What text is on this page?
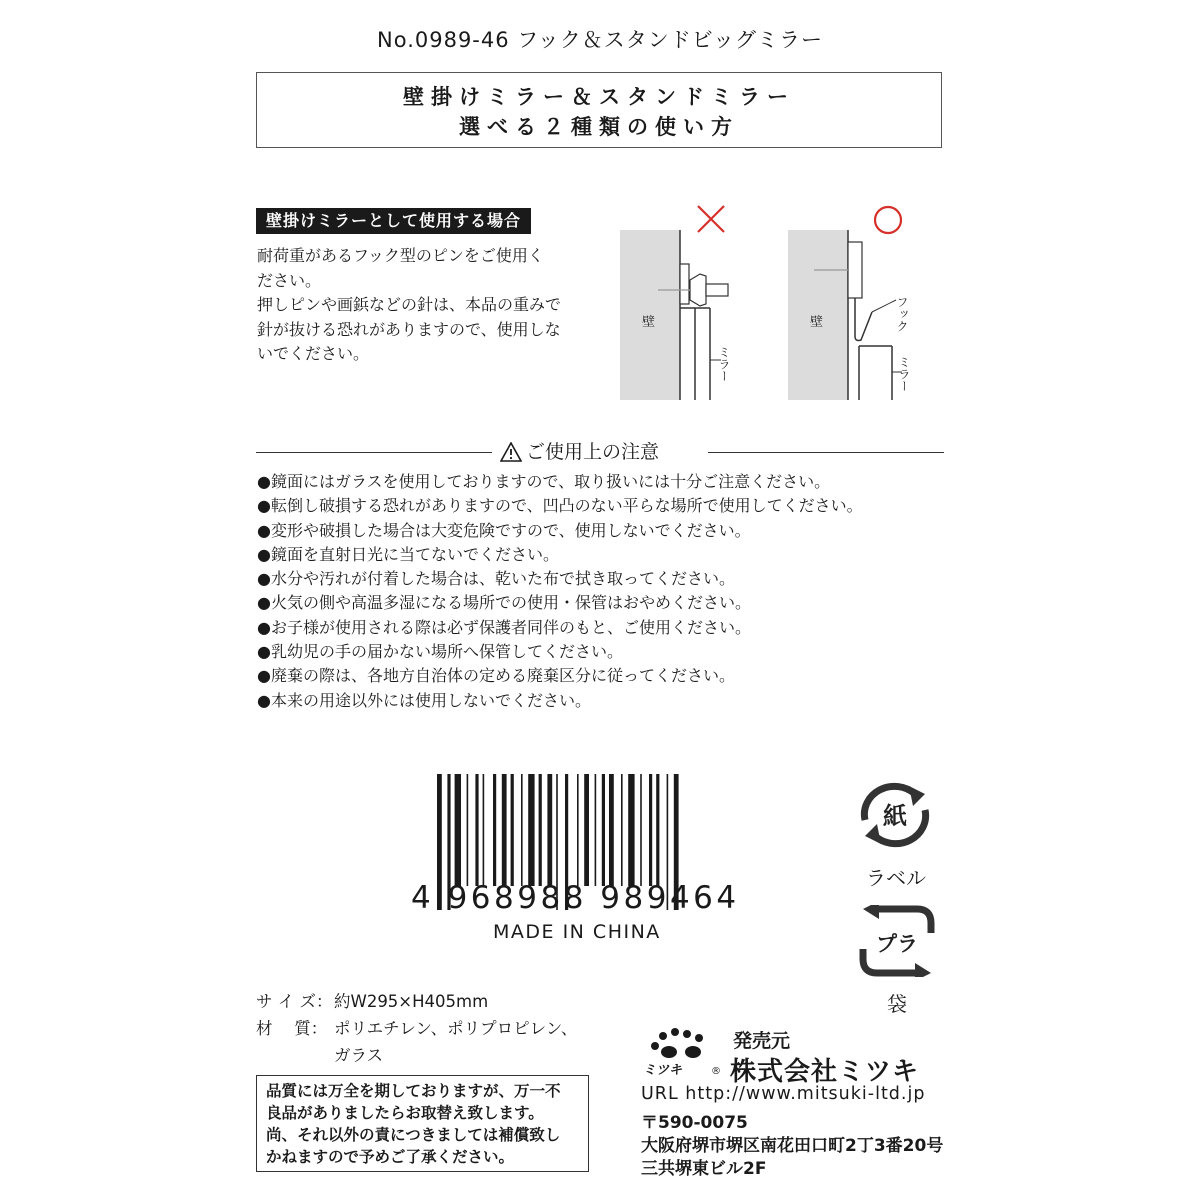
No.0989-46 フック＆スタンドビッグミラー
壁掛けミラー＆スタンドミラー
選べる２種類の使い方
壁掛けミラーとして使用する場合

耐荷重があるフック型のピンをご使用く

ださい。

押しピンや画鋲などの針は、本品の重みで

針が抜ける恐れがありますので、使用しな

いでください。

壁
ミラー
壁	フック
ミラー
ご使用上の注意
●鏡面にはガラスを使用しておりますので、取り扱いには十分ご注意ください。
●転倒し破損する恐れがありますので、凹凸のない平らな場所で使用してください。
●変形や破損した場合は大変危険ですので、使用しないでください。
●鏡面を直射日光に当てないでください。
●水分や汚れが付着した場合は、乾いた布で拭き取ってください。
●火気の側や高温多湿になる場所での使用・保管はおやめください。
●お子様が使用される際は必ず保護者同伴のもと、ご使用ください。
●乳幼児の手の届かない場所へ保管してください。
●廃棄の際は、各地方自治体の定める廃棄区分に従ってください。
●本来の用途以外には使用しないでください。
4 968988 989464
MADE IN CHINA
紙
ラベル
プラ
袋
サ イ ズ： 約W295×H405mm
材　 質： ポリエチレン、ポリプロピレン、

ガラス

品質には万全を期しておりますが、万一不

良品がありましたらお取替え致します。

尚、それ以外の責につきましては補償致し

かねますので予めご了承ください。

ミツキ	®
発売元
株式会社ミツキ
URL http://www.mitsuki-ltd.jp
〒590-0075
大阪府堺市堺区南花田口町2丁3番20号
三共堺東ビル2F
